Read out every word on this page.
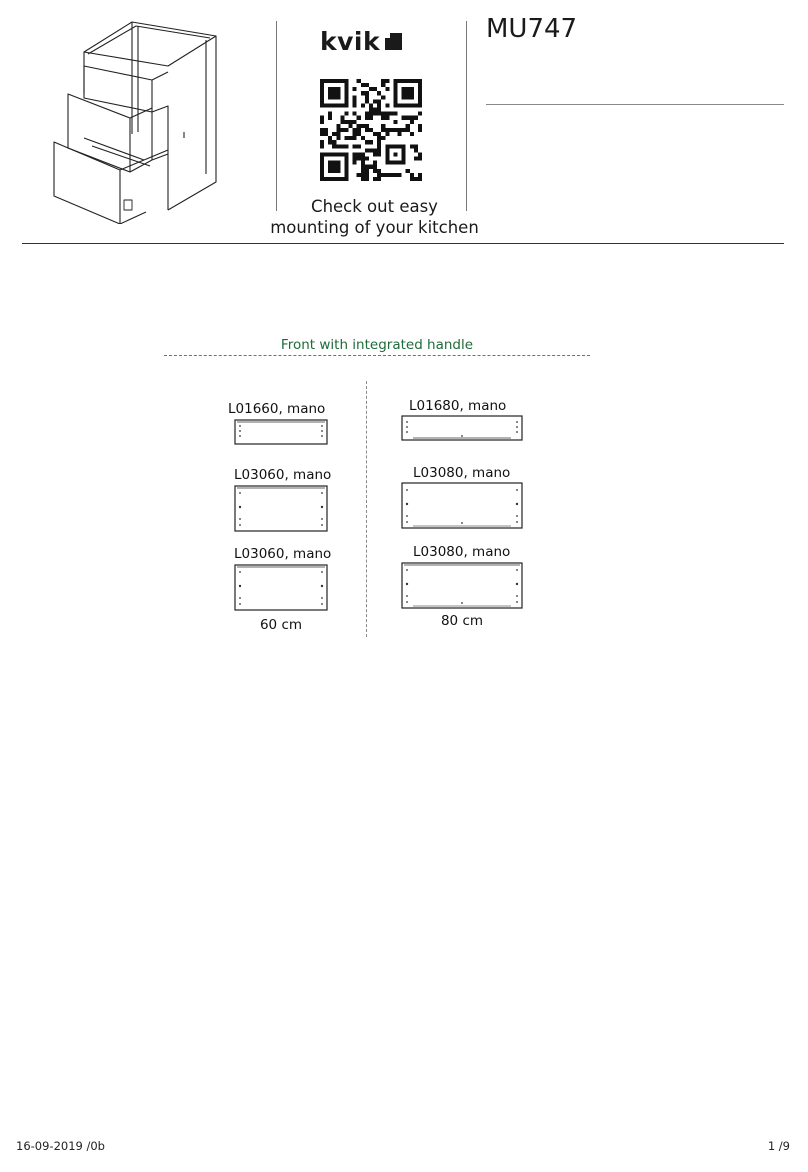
kvik
Check out easy
mounting of your kitchen
MU747
Front with integrated handle
L01660, mano
L03060, mano
L03060, mano
60 cm
L01680, mano
L03080, mano
L03080, mano
80 cm
16-09-2019 /0b	1 /9
